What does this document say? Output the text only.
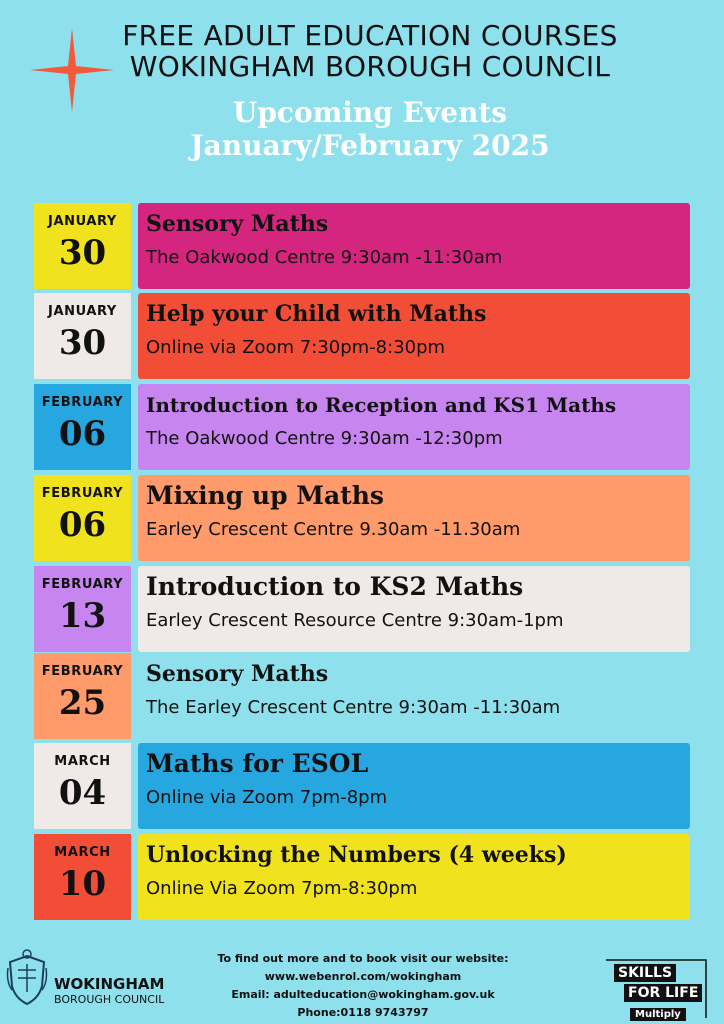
FREE ADULT EDUCATION COURSES
WOKINGHAM BOROUGH COUNCIL
Upcoming Events
January/February 2025
JANUARY
30
Sensory Maths
The Oakwood Centre 9:30am -11:30am
JANUARY
30
Help your Child with Maths
Online via Zoom 7:30pm-8:30pm
FEBRUARY
06
Introduction to Reception and KS1 Maths
The Oakwood Centre 9:30am -12:30pm
FEBRUARY
06
Mixing up Maths
Earley Crescent Centre 9.30am -11.30am
FEBRUARY
13
Introduction to KS2 Maths
Earley Crescent Resource Centre 9:30am-1pm
FEBRUARY
25
Sensory Maths
The Earley Crescent Centre 9:30am -11:30am
MARCH
04
Maths for ESOL
Online via Zoom 7pm-8pm
MARCH
10
Unlocking the Numbers (4 weeks)
Online Via Zoom 7pm-8:30pm
To find out more and to book visit our website:
www.webenrol.com/wokingham
Email: adulteducation@wokingham.gov.uk
Phone:0118 9743797
WOKINGHAM
BOROUGH COUNCIL
SKILLS
FOR LIFE
Multiply
